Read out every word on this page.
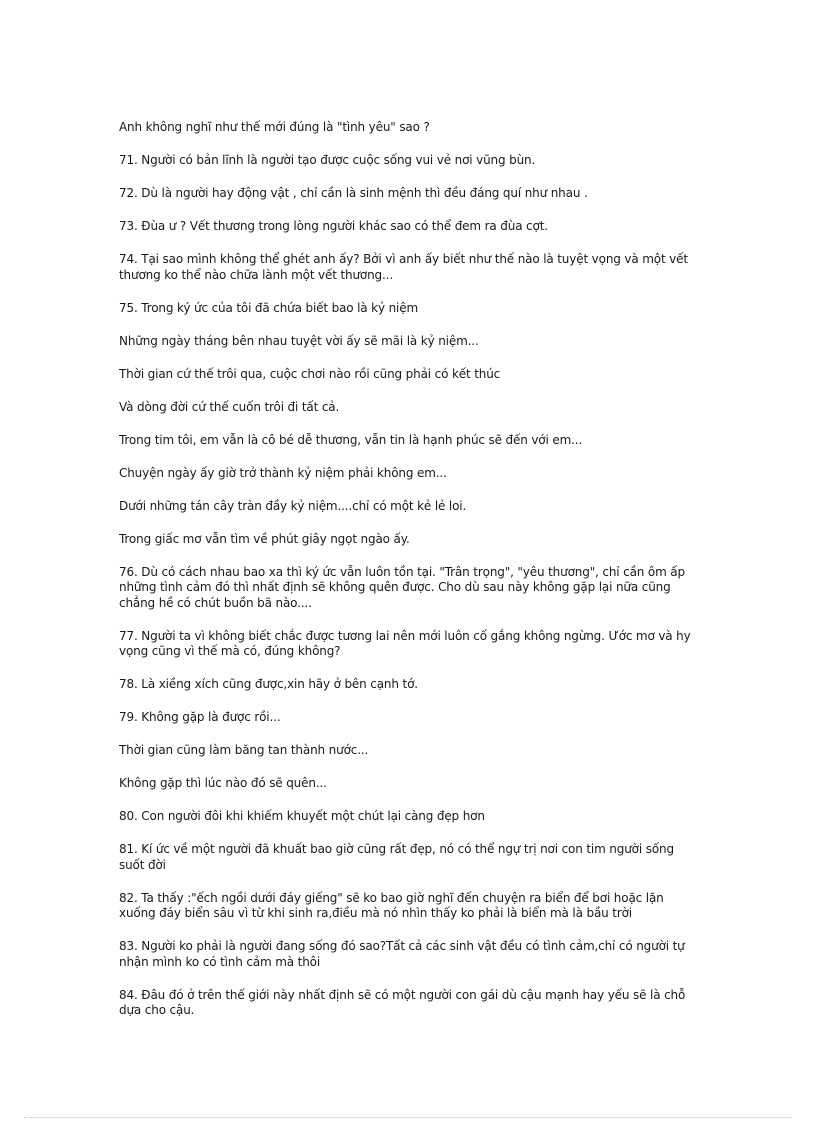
Anh không nghĩ như thế mới đúng là "tình yêu" sao ?

71. Người có bản lĩnh là người tạo được cuộc sống vui vẻ nơi vũng bùn.

72. Dù là người hay động vật , chỉ cần là sinh mệnh thì đều đáng quí như nhau .

73. Đùa ư ? Vết thương trong lòng người khác sao có thể đem ra đùa cợt.

74. Tại sao mình không thể ghét anh ấy? Bởi vì anh ấy biết như thế nào là tuyệt vọng và một vết thương ko thể nào chữa lành một vết thương...

75. Trong ký ức của tôi đã chứa biết bao là kỷ niệm

Những ngày tháng bên nhau tuyệt vời ấy sẽ mãi là kỷ niệm...

Thời gian cứ thế trôi qua, cuộc chơi nào rồi cũng phải có kết thúc

Và dòng đời cứ thế cuốn trôi đi tất cả.

Trong tim tôi, em vẫn là cô bé dễ thương, vẫn tin là hạnh phúc sẽ đến với em...

Chuyện ngày ấy giờ trở thành kỷ niệm phải không em...

Dưới những tán cây tràn đầy kỷ niệm....chỉ có một kẻ lẻ loi.

Trong giấc mơ vẫn tìm về phút giây ngọt ngào ấy.

76. Dù có cách nhau bao xa thì ký ức vẫn luôn tồn tại. "Trân trọng", "yêu thương", chỉ cần ôm ấp những tình cảm đó thì nhất định sẽ không quên được. Cho dù sau này không gặp lại nữa cũng chẳng hề có chút buồn bã nào....

77. Người ta vì không biết chắc được tương lai nên mới luôn cố gắng không ngừng. Ước mơ và hy vọng cũng vì thế mà có, đúng không?

78. Là xiềng xích cũng được,xin hãy ở bên cạnh tớ.

79. Không gặp là được rồi...

Thời gian cũng làm băng tan thành nước...

Không gặp thì lúc nào đó sẽ quên...

80. Con người đôi khi khiếm khuyết một chút lại càng đẹp hơn

81. Kí ức về một người đã khuất bao giờ cũng rất đẹp, nó có thể ngự trị nơi con tim người sống suốt đời

82. Ta thấy :"ếch ngồi dưới đáy giếng" sẽ ko bao giờ nghĩ đến chuyện ra biển để bơi hoặc lặn xuống đáy biển sâu vì từ khi sinh ra,điều mà nó nhìn thấy ko phải là biển mà là bầu trời

83. Người ko phải là người đang sống đó sao?Tất cả các sinh vật đều có tình cảm,chỉ có người tự nhận mình ko có tình cảm mà thôi

84. Đâu đó ở trên thế giới này nhất định sẽ có một người con gái dù cậu mạnh hay yếu sẽ là chỗ dựa cho cậu.
